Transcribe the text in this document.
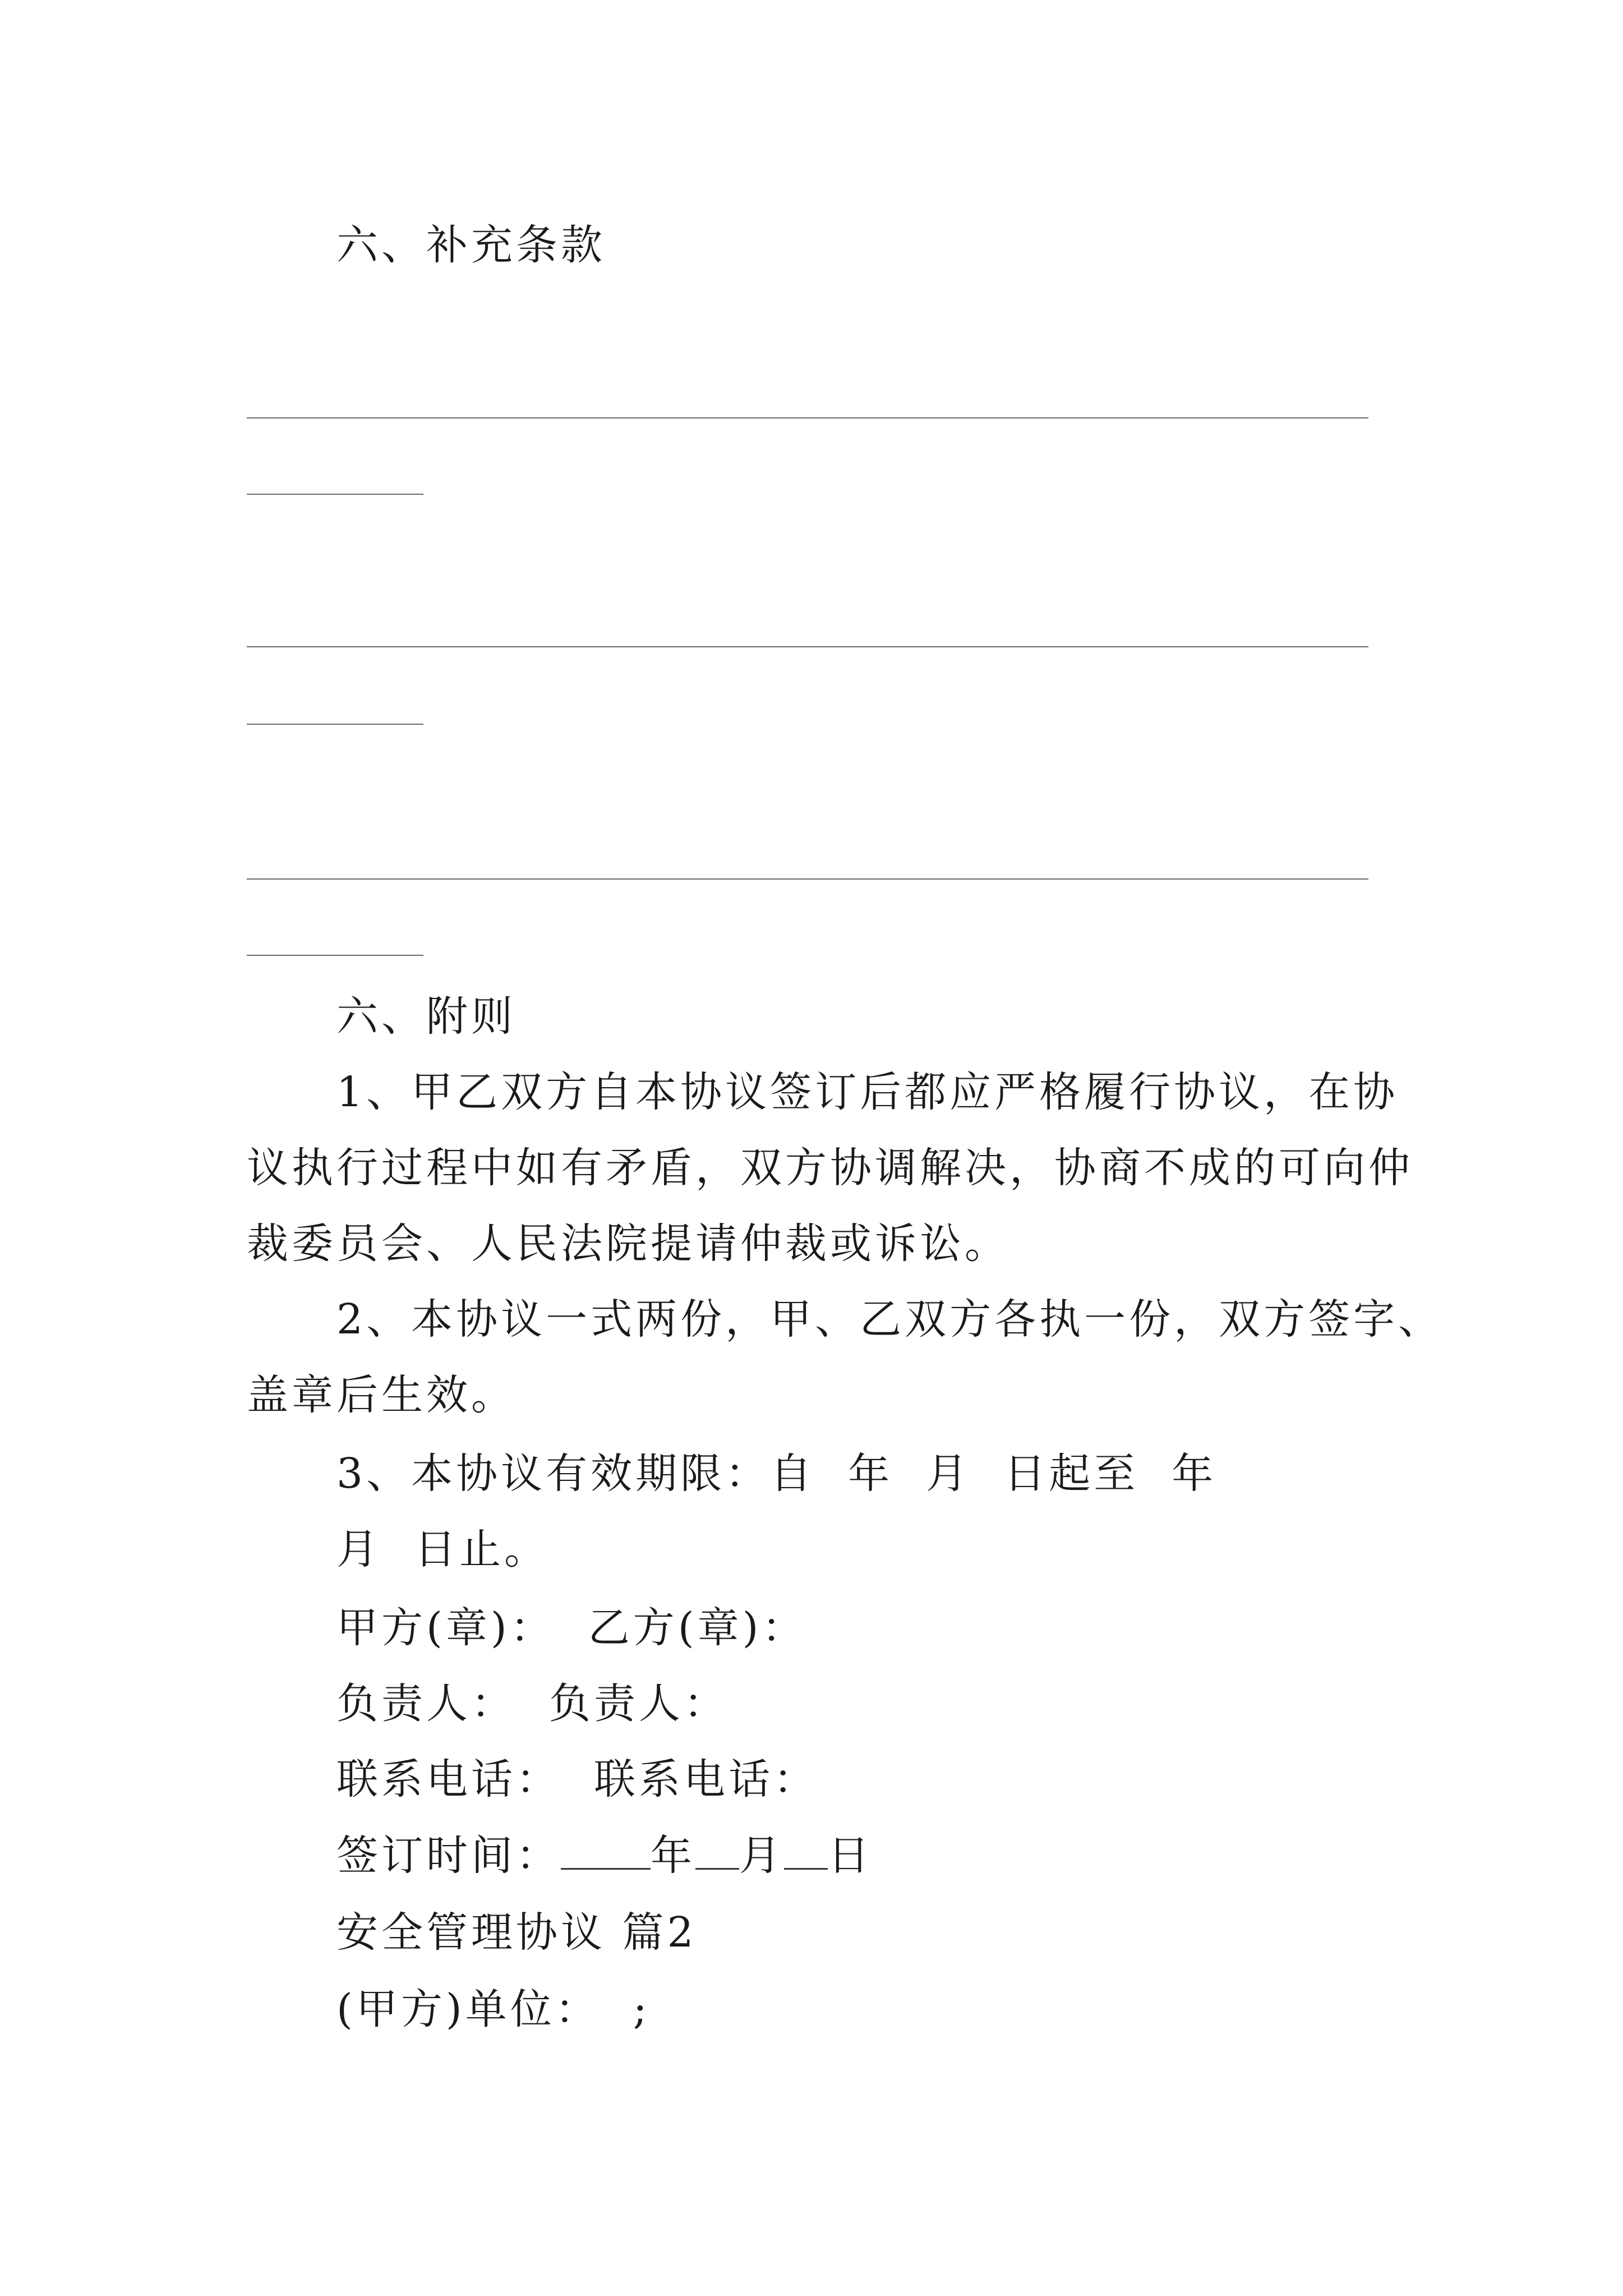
六、补充条款
六、附则
1、甲乙双方自本协议签订后都应严格履行协议，在协
议执行过程中如有矛盾，双方协调解决，协商不成的可向仲
裁委员会、人民法院提请仲裁或诉讼。
2、本协议一式两份，甲、乙双方各执一份，双方签字、
盖章后生效。
3、本协议有效期限：自  年  月  日起至  年
月  日止。
甲方(章)：  乙方(章)：
负责人：  负责人：
联系电话：  联系电话：
签订时间： 年 月 日
安全管理协议 篇2
(甲方)单位：  ;
